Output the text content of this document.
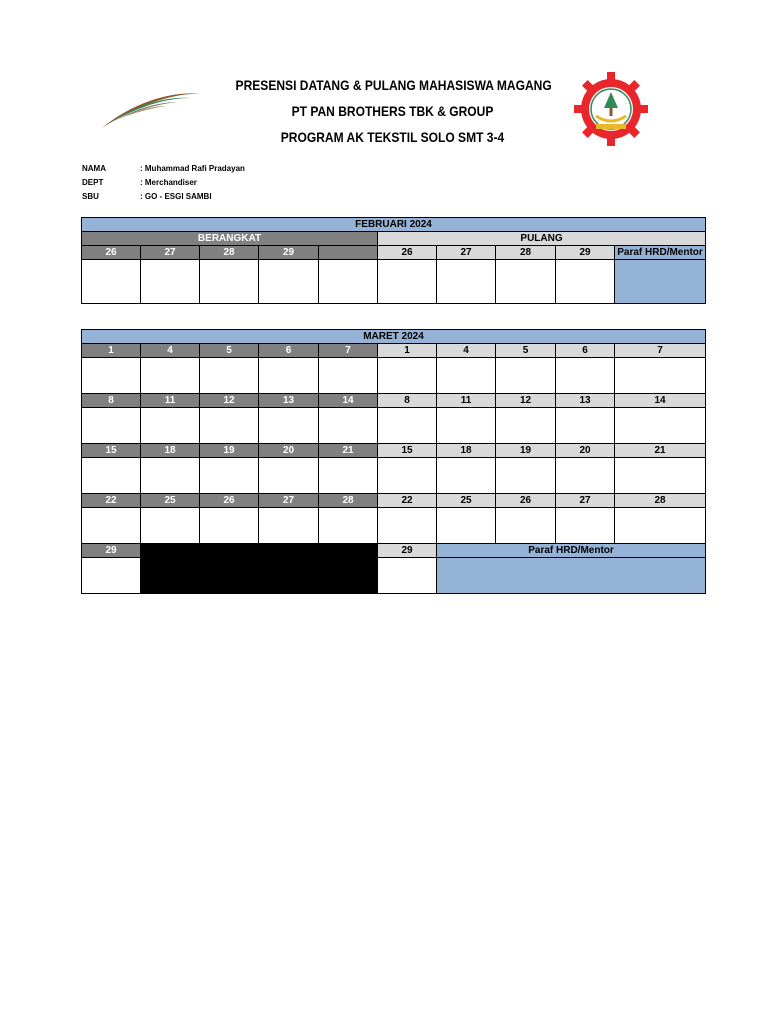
PRESENSI DATANG & PULANG MAHASISWA MAGANG
PT PAN BROTHERS TBK & GROUP
PROGRAM AK TEKSTIL SOLO SMT 3-4
NAMA	: Muhammad Rafi Pradayan
DEPT	: Merchandiser
SBU	: GO - ESGI SAMBI
FEBRUARI 2024									
BERANGKAT					PULANG				
26	27	28	29		26	27	28	29	Paraf HRD/Mentor

MARET 2024									
1	4	5	6	7	1	4	5	6	7

8	11	12	13	14	8	11	12	13	14

15	18	19	20	21	15	18	19	20	21

22	25	26	27	28	22	25	26	27	28

29					29	Paraf HRD/Mentor			
